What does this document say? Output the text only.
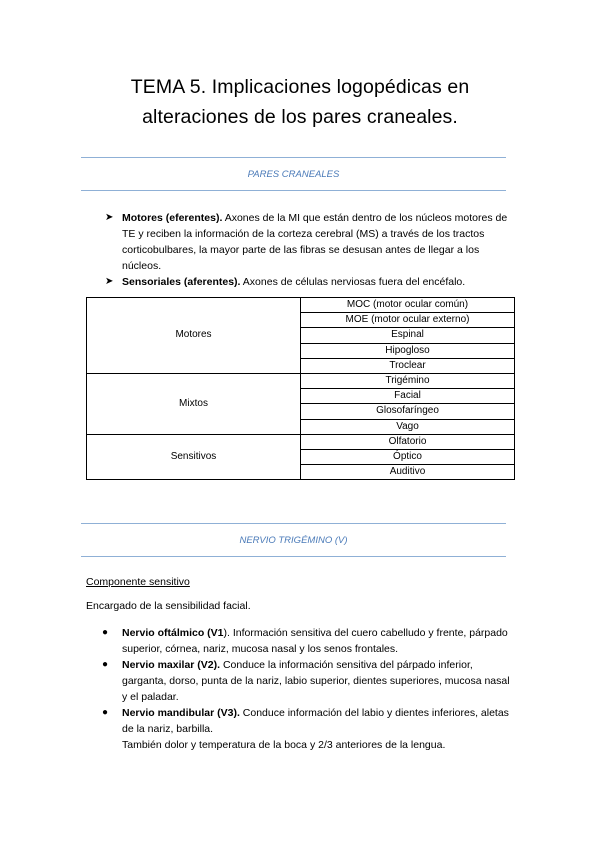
TEMA 5. Implicaciones logopédicas en
alteraciones de los pares craneales.
PARES CRANEALES
➤ Motores (eferentes). Axones de la MI que están dentro de los núcleos motores de TE y reciben la información de la corteza cerebral (MS) a través de los tractos corticobulbares, la mayor parte de las fibras se desusan antes de llegar a los núcleos.
➤ Sensoriales (aferentes). Axones de células nerviosas fuera del encéfalo.
Motores	MOC (motor ocular común)
	MOE (motor ocular externo)
	Espinal
	Hipogloso
	Troclear
Mixtos	Trigémino
	Facial
	Glosofaríngeo
	Vago
Sensitivos	Olfatorio
	Óptico
	Auditivo
NERVIO TRIGÉMINO (V)
Componente sensitivo
Encargado de la sensibilidad facial.
● Nervio oftálmico (V1). Información sensitiva del cuero cabelludo y frente, párpado superior, córnea, nariz, mucosa nasal y los senos frontales.
● Nervio maxilar (V2). Conduce la información sensitiva del párpado inferior, garganta, dorso, punta de la nariz, labio superior, dientes superiores, mucosa nasal y el paladar.
● Nervio mandibular (V3). Conduce información del labio y dientes inferiores, aletas de la nariz, barbilla.
También dolor y temperatura de la boca y 2/3 anteriores de la lengua.
